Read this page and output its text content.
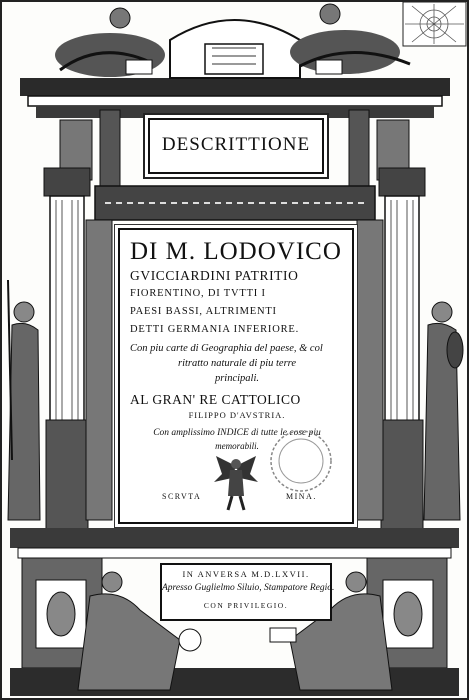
DESCRITTIONE
DI M. LODOVICO
GVICCIARDINI PATRITIO
FIORENTINO, DI TVTTI I
PAESI BASSI, ALTRIMENTI
DETTI GERMANIA INFERIORE.
Con piu carte di Geographia del paese, & col
ritratto naturale di piu terre
principali.
AL GRAN' RE CATTOLICO
FILIPPO D'AVSTRIA.
Con amplissimo INDICE di tutte le cose piu
memorabili.
SCRVTA	MINA.
IN ANVERSA M.D.LXVII.
Apresso Guglielmo Siluio, Stampatore Regio.
CON PRIVILEGIO.
